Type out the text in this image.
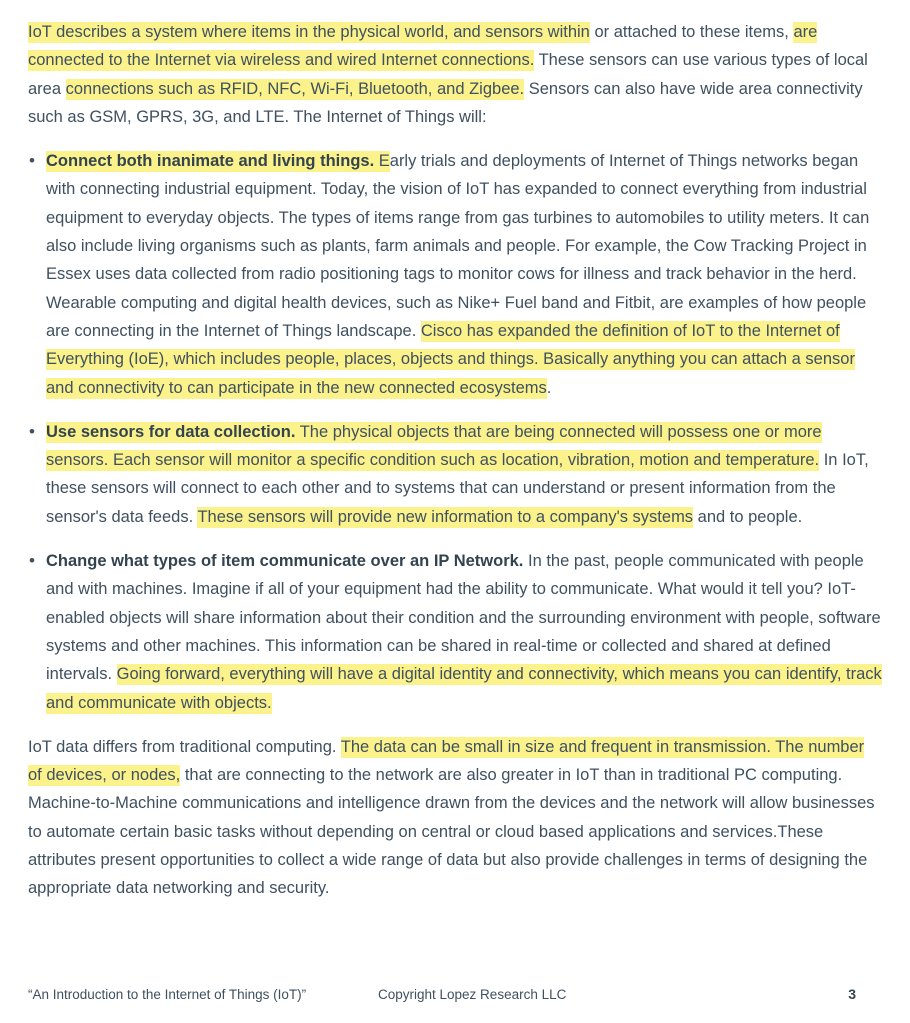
IoT describes a system where items in the physical world, and sensors within or attached to these items, are connected to the Internet via wireless and wired Internet connections. These sensors can use various types of local area connections such as RFID, NFC, Wi-Fi, Bluetooth, and Zigbee. Sensors can also have wide area connectivity such as GSM, GPRS, 3G, and LTE. The Internet of Things will:

• Connect both inanimate and living things. Early trials and deployments of Internet of Things networks began with connecting industrial equipment. Today, the vision of IoT has expanded to connect everything from industrial equipment to everyday objects. The types of items range from gas turbines to automobiles to utility meters. It can also include living organisms such as plants, farm animals and people. For example, the Cow Tracking Project in Essex uses data collected from radio positioning tags to monitor cows for illness and track behavior in the herd. Wearable computing and digital health devices, such as Nike+ Fuel band and Fitbit, are examples of how people are connecting in the Internet of Things landscape. Cisco has expanded the definition of IoT to the Internet of Everything (IoE), which includes people, places, objects and things. Basically anything you can attach a sensor and connectivity to can participate in the new connected ecosystems.
• Use sensors for data collection. The physical objects that are being connected will possess one or more sensors. Each sensor will monitor a specific condition such as location, vibration, motion and temperature. In IoT, these sensors will connect to each other and to systems that can understand or present information from the sensor's data feeds. These sensors will provide new information to a company's systems and to people.
• Change what types of item communicate over an IP Network. In the past, people communicated with people and with machines. Imagine if all of your equipment had the ability to communicate. What would it tell you? IoT-enabled objects will share information about their condition and the surrounding environment with people, software systems and other machines. This information can be shared in real-time or collected and shared at defined intervals. Going forward, everything will have a digital identity and connectivity, which means you can identify, track and communicate with objects.

IoT data differs from traditional computing. The data can be small in size and frequent in transmission. The number of devices, or nodes, that are connecting to the network are also greater in IoT than in traditional PC computing. Machine-to-Machine communications and intelligence drawn from the devices and the network will allow businesses to automate certain basic tasks without depending on central or cloud based applications and services.These attributes present opportunities to collect a wide range of data but also provide challenges in terms of designing the appropriate data networking and security.

“An Introduction to the Internet of Things (IoT)”	Copyright Lopez Research LLC	3
